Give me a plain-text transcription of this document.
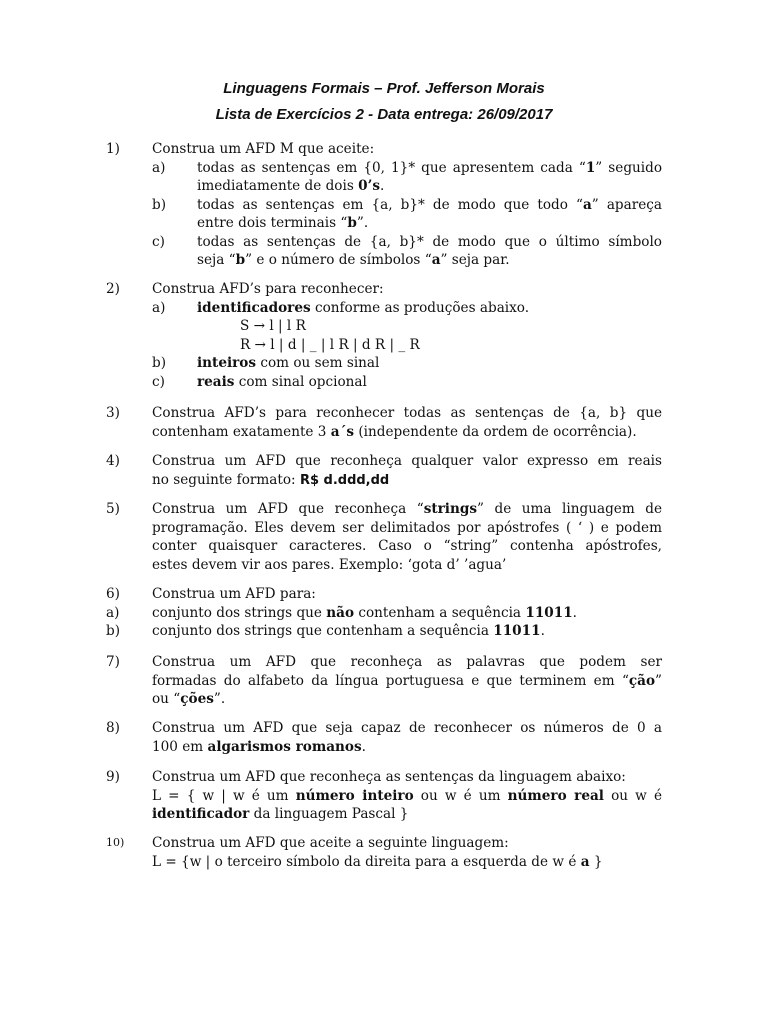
Linguagens Formais – Prof. Jefferson Morais
Lista de Exercícios 2 - Data entrega: 26/09/2017
1) Construa um AFD M que aceite:
a) todas as sentenças em {0, 1}* que apresentem cada “1” seguido
imediatamente de dois 0’s.
b) todas as sentenças em {a, b}* de modo que todo “a” apareça
entre dois terminais “b”.
c) todas as sentenças de {a, b}* de modo que o último símbolo
seja “b” e o número de símbolos “a” seja par.
2) Construa AFD’s para reconhecer:
a) identificadores conforme as produções abaixo.
S → l | l R
R → l | d | _ | l R | d R | _ R
b) inteiros com ou sem sinal
c) reais com sinal opcional
3) Construa AFD’s para reconhecer todas as sentenças de {a, b} que
contenham exatamente 3 a´s (independente da ordem de ocorrência).
4) Construa um AFD que reconheça qualquer valor expresso em reais
no seguinte formato: R$ d.ddd,dd
5) Construa um AFD que reconheça “strings” de uma linguagem de
programação. Eles devem ser delimitados por apóstrofes ( ‘ ) e podem
conter quaisquer caracteres. Caso o “string” contenha apóstrofes,
estes devem vir aos pares. Exemplo: ‘gota d’ ’agua’
6) Construa um AFD para:
a) conjunto dos strings que não contenham a sequência 11011.
b) conjunto dos strings que contenham a sequência 11011.
7) Construa um AFD que reconheça as palavras que podem ser
formadas do alfabeto da língua portuguesa e que terminem em “ção”
ou “ções”.
8) Construa um AFD que seja capaz de reconhecer os números de 0 a
100 em algarismos romanos.
9) Construa um AFD que reconheça as sentenças da linguagem abaixo:
L = { w | w é um número inteiro ou w é um número real ou w é
identificador da linguagem Pascal }
10) Construa um AFD que aceite a seguinte linguagem:
L = {w | o terceiro símbolo da direita para a esquerda de w é a }
